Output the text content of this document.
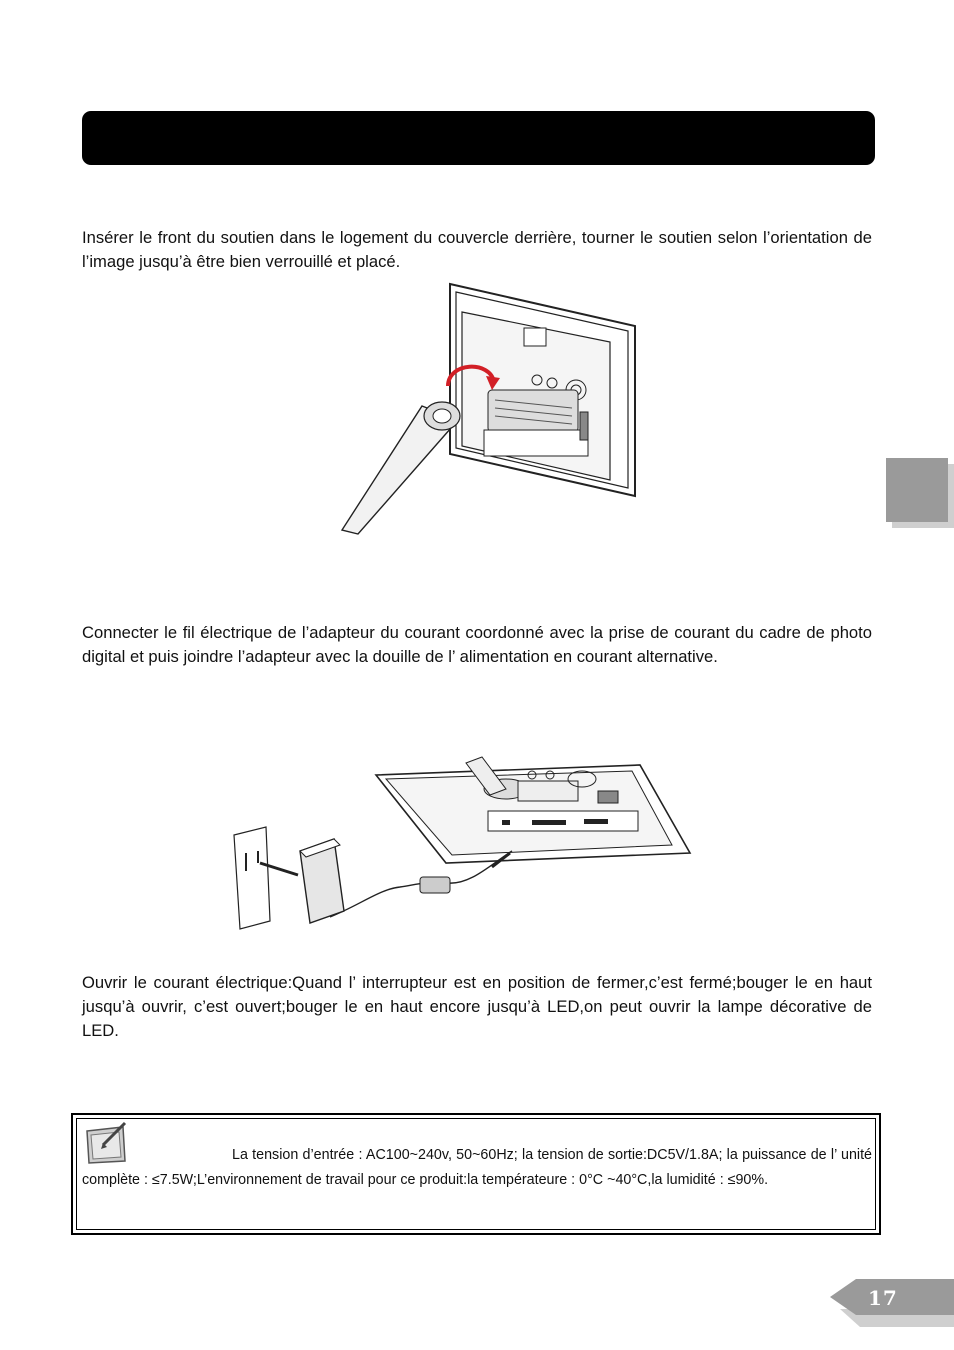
Insérer le front du soutien dans le logement du couvercle derrière, tourner le soutien selon l’orientation de l’image jusqu’à être bien verrouillé et placé.

Connecter le fil électrique de l’adapteur du courant coordonné avec la prise de courant du cadre de photo digital et puis joindre l’adapteur avec la douille de l’ alimentation en courant alternative.

Ouvrir le courant électrique:Quand l’ interrupteur est en position de fermer,c’est fermé;bouger le en haut jusqu’à ouvrir, c’est ouvert;bouger le en haut encore jusqu’à LED,on peut ouvrir la lampe décorative de LED.

La tension d’entrée : AC100~240v, 50~60Hz; la tension de sortie:DC5V/1.8A; la puissance de l’ unité complète : ≤7.5W;L’environnement de travail pour ce produit:la températeure : 0°C ~40°C,la lumidité : ≤90%.

17
